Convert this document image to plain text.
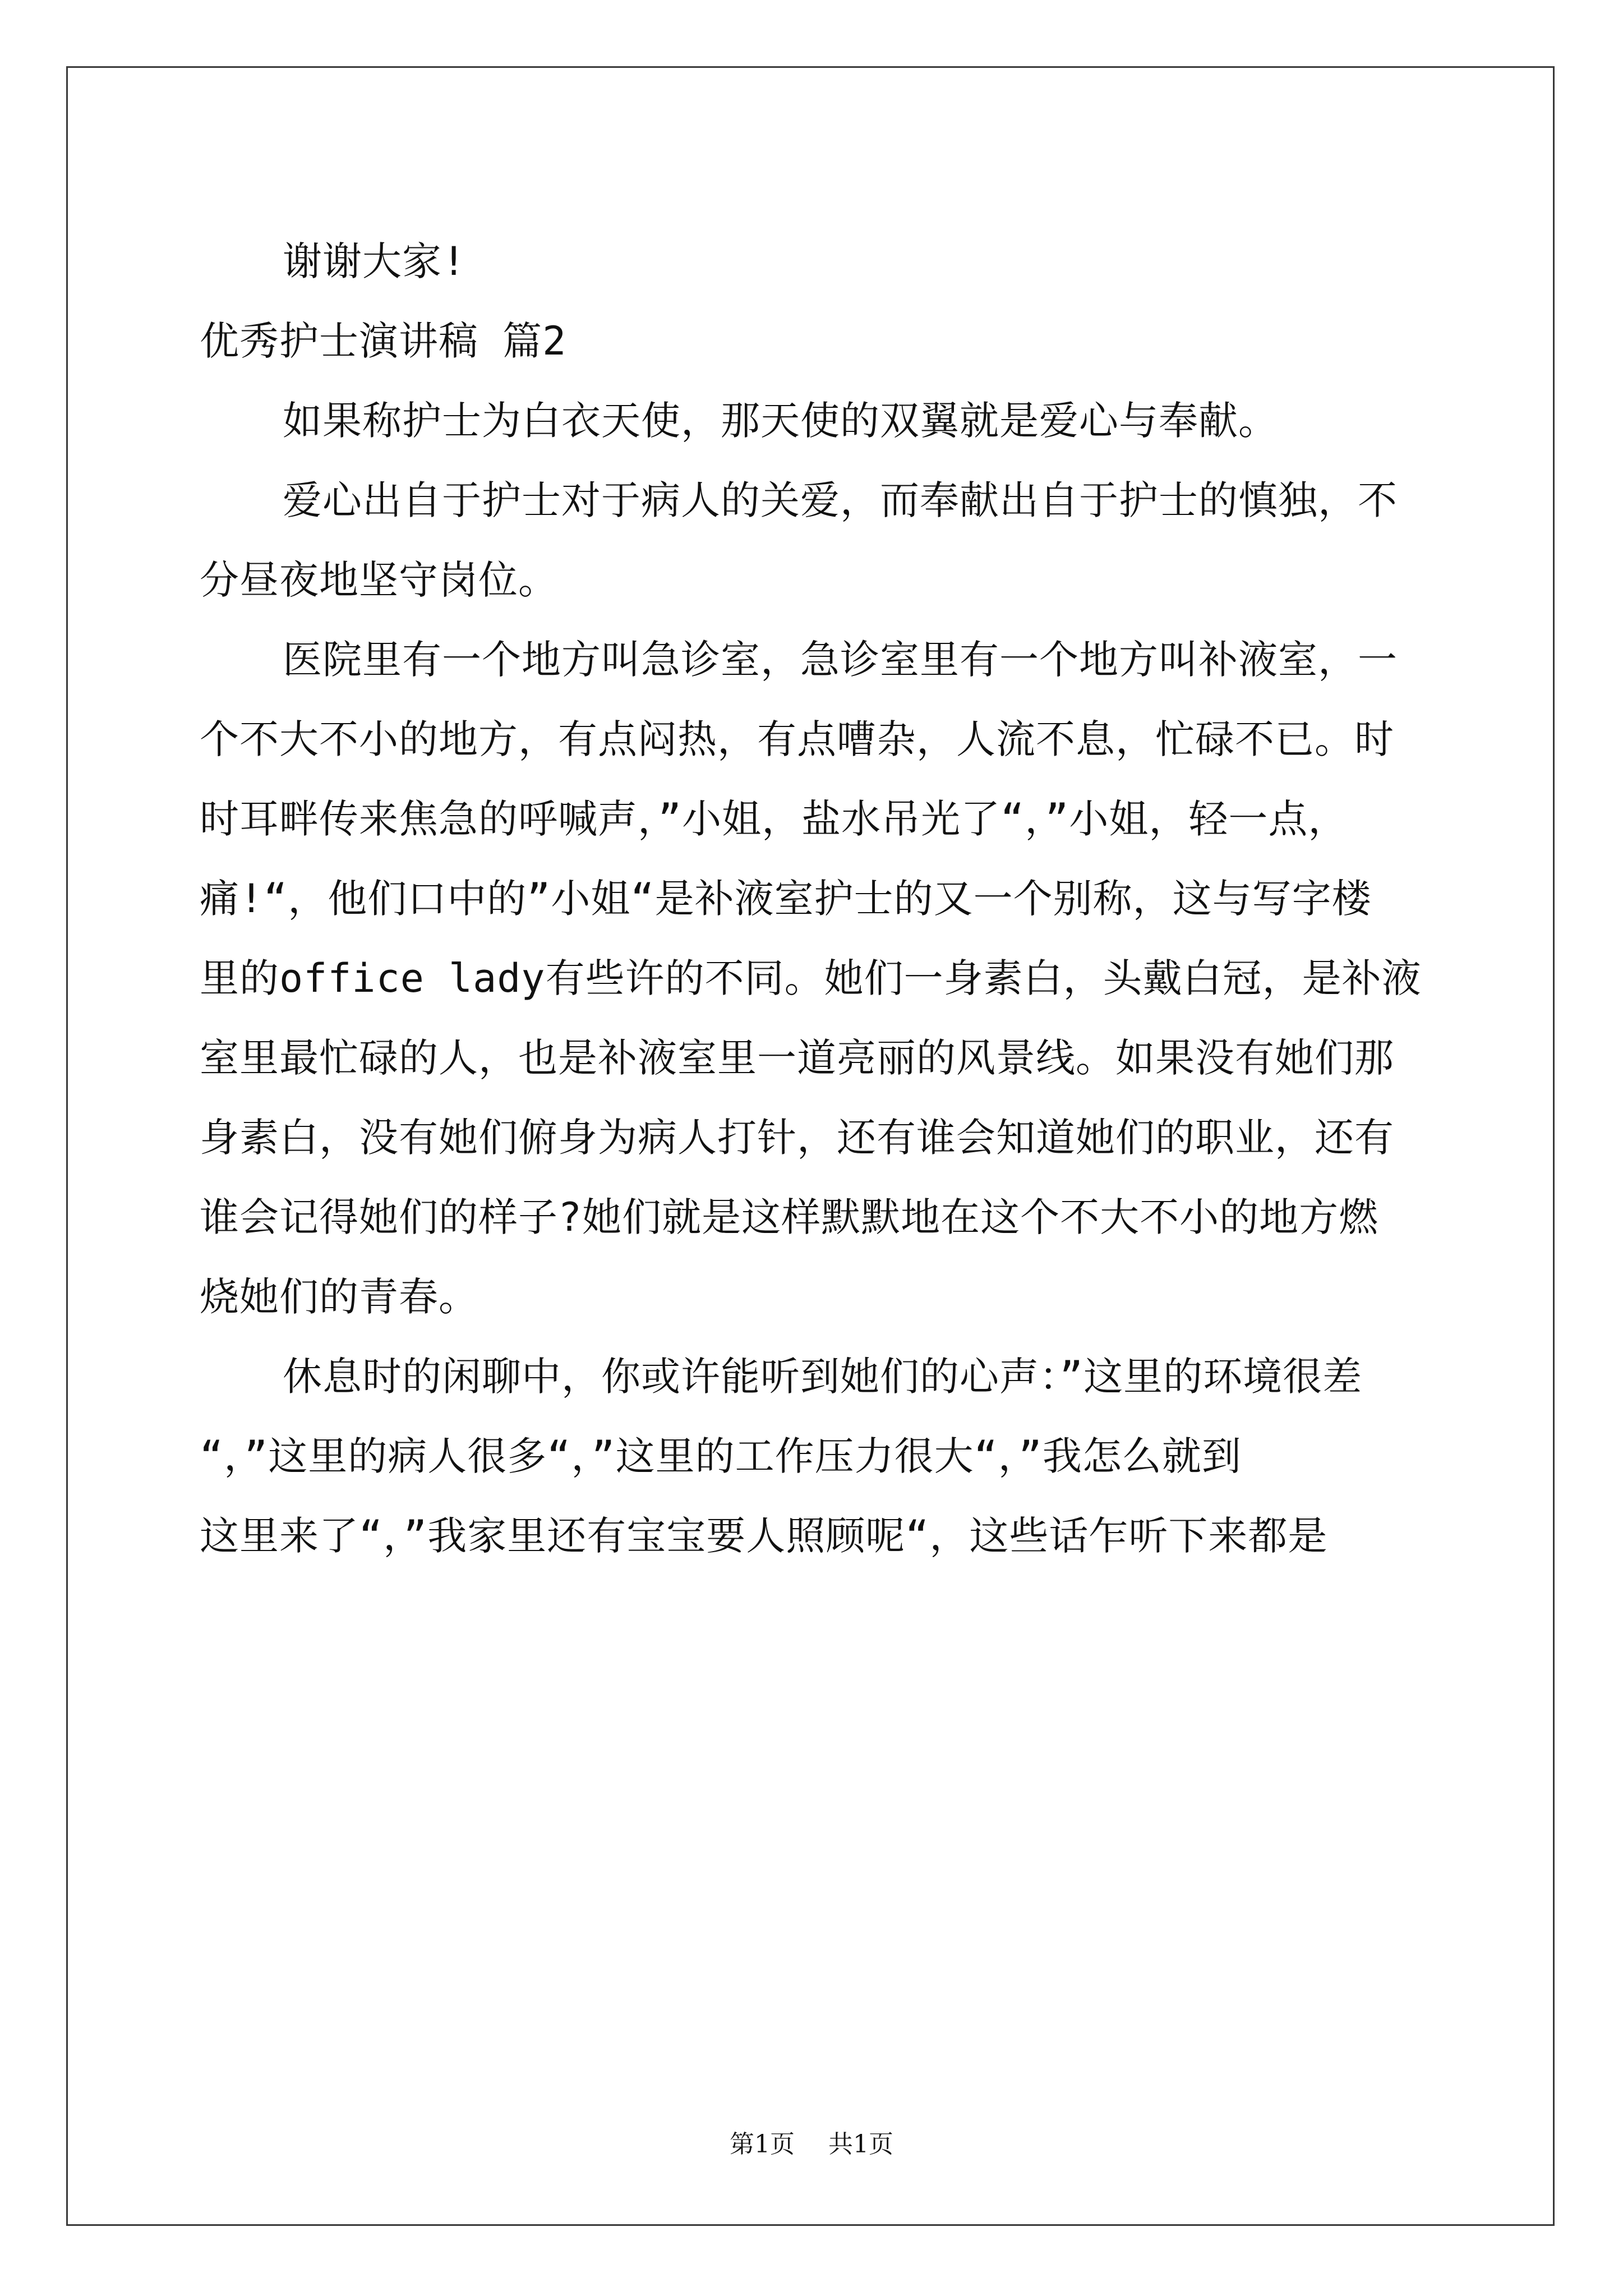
谢谢大家!
优秀护士演讲稿 篇2
如果称护士为白衣天使，那天使的双翼就是爱心与奉献。
爱心出自于护士对于病人的关爱，而奉献出自于护士的慎独，不
分昼夜地坚守岗位。
医院里有一个地方叫急诊室，急诊室里有一个地方叫补液室，一
个不大不小的地方，有点闷热，有点嘈杂，人流不息，忙碌不已。时
时耳畔传来焦急的呼喊声，”小姐，盐水吊光了“，”小姐，轻一点，
痛!“，他们口中的”小姐“是补液室护士的又一个别称，这与写字楼
里的office lady有些许的不同。她们一身素白，头戴白冠，是补液
室里最忙碌的人，也是补液室里一道亮丽的风景线。如果没有她们那
身素白，没有她们俯身为病人打针，还有谁会知道她们的职业，还有
谁会记得她们的样子?她们就是这样默默地在这个不大不小的地方燃
烧她们的青春。
休息时的闲聊中，你或许能听到她们的心声：”这里的环境很差
“，”这里的病人很多“，”这里的工作压力很大“，”我怎么就到
这里来了“，”我家里还有宝宝要人照顾呢“，这些话乍听下来都是
第1页 共1页
